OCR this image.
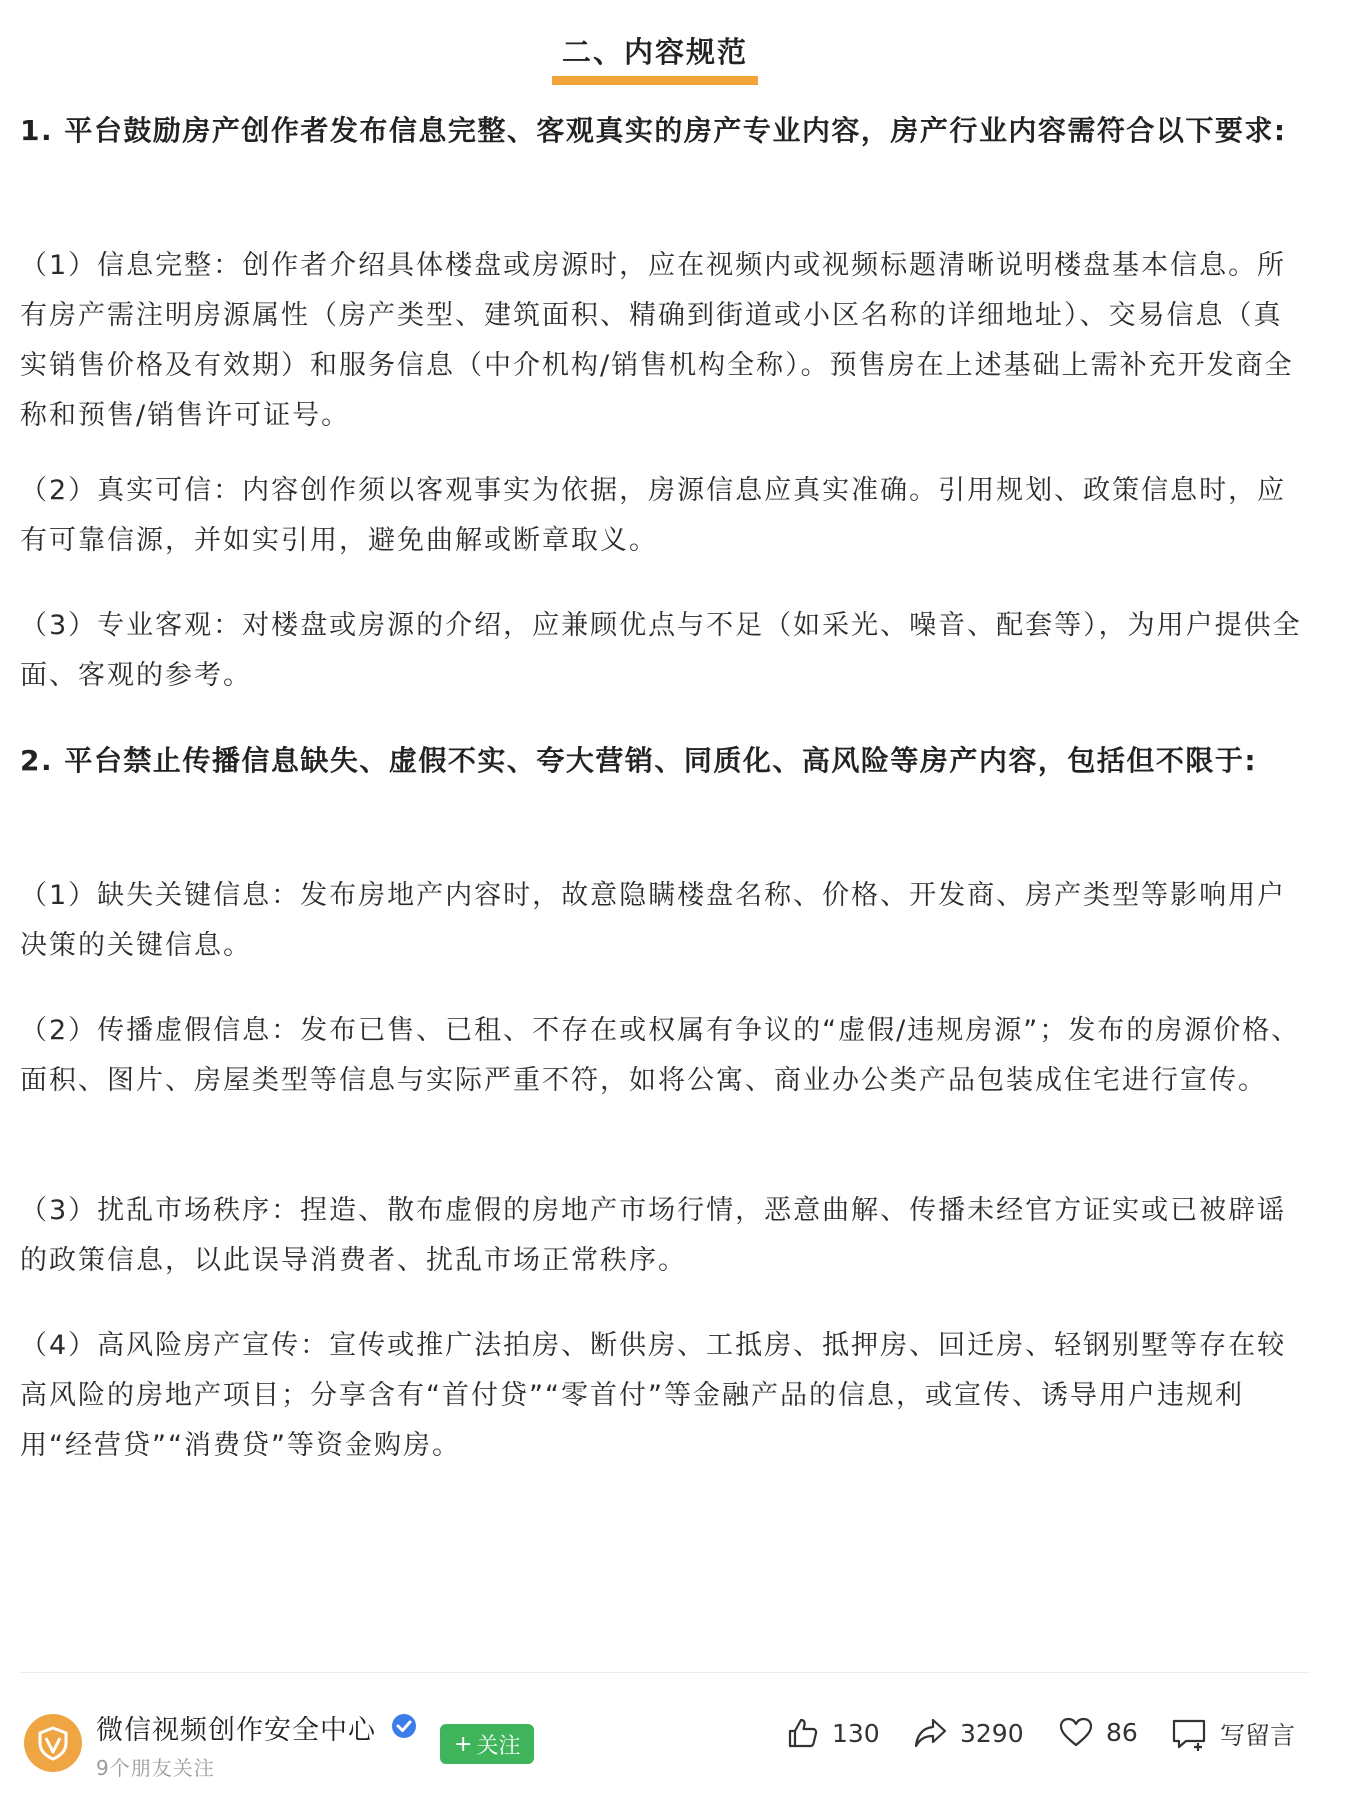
二、内容规范

1. 平台鼓励房产创作者发布信息完整、客观真实的房产专业内容，房产行业内容需符合以下要求:

（1）信息完整：创作者介绍具体楼盘或房源时，应在视频内或视频标题清晰说明楼盘基本信息。所有房产需注明房源属性（房产类型、建筑面积、精确到街道或小区名称的详细地址）、交易信息（真实销售价格及有效期）和服务信息（中介机构/销售机构全称）。预售房在上述基础上需补充开发商全称和预售/销售许可证号。

（2）真实可信：内容创作须以客观事实为依据，房源信息应真实准确。引用规划、政策信息时，应有可靠信源，并如实引用，避免曲解或断章取义。

（3）专业客观：对楼盘或房源的介绍，应兼顾优点与不足（如采光、噪音、配套等），为用户提供全面、客观的参考。

2. 平台禁止传播信息缺失、虚假不实、夸大营销、同质化、高风险等房产内容，包括但不限于:

（1）缺失关键信息：发布房地产内容时，故意隐瞒楼盘名称、价格、开发商、房产类型等影响用户决策的关键信息。

（2）传播虚假信息：发布已售、已租、不存在或权属有争议的“虚假/违规房源”；发布的房源价格、面积、图片、房屋类型等信息与实际严重不符，如将公寓、商业办公类产品包装成住宅进行宣传。

（3）扰乱市场秩序：捏造、散布虚假的房地产市场行情，恶意曲解、传播未经官方证实或已被辟谣的政策信息，以此误导消费者、扰乱市场正常秩序。

（4）高风险房产宣传：宣传或推广法拍房、断供房、工抵房、抵押房、回迁房、轻钢别墅等存在较高风险的房地产项目；分享含有“首付贷”“零首付”等金融产品的信息，或宣传、诱导用户违规利用“经营贷”“消费贷”等资金购房。

微信视频创作安全中心
9个朋友关注
+ 关注	130	3290	86	写留言
